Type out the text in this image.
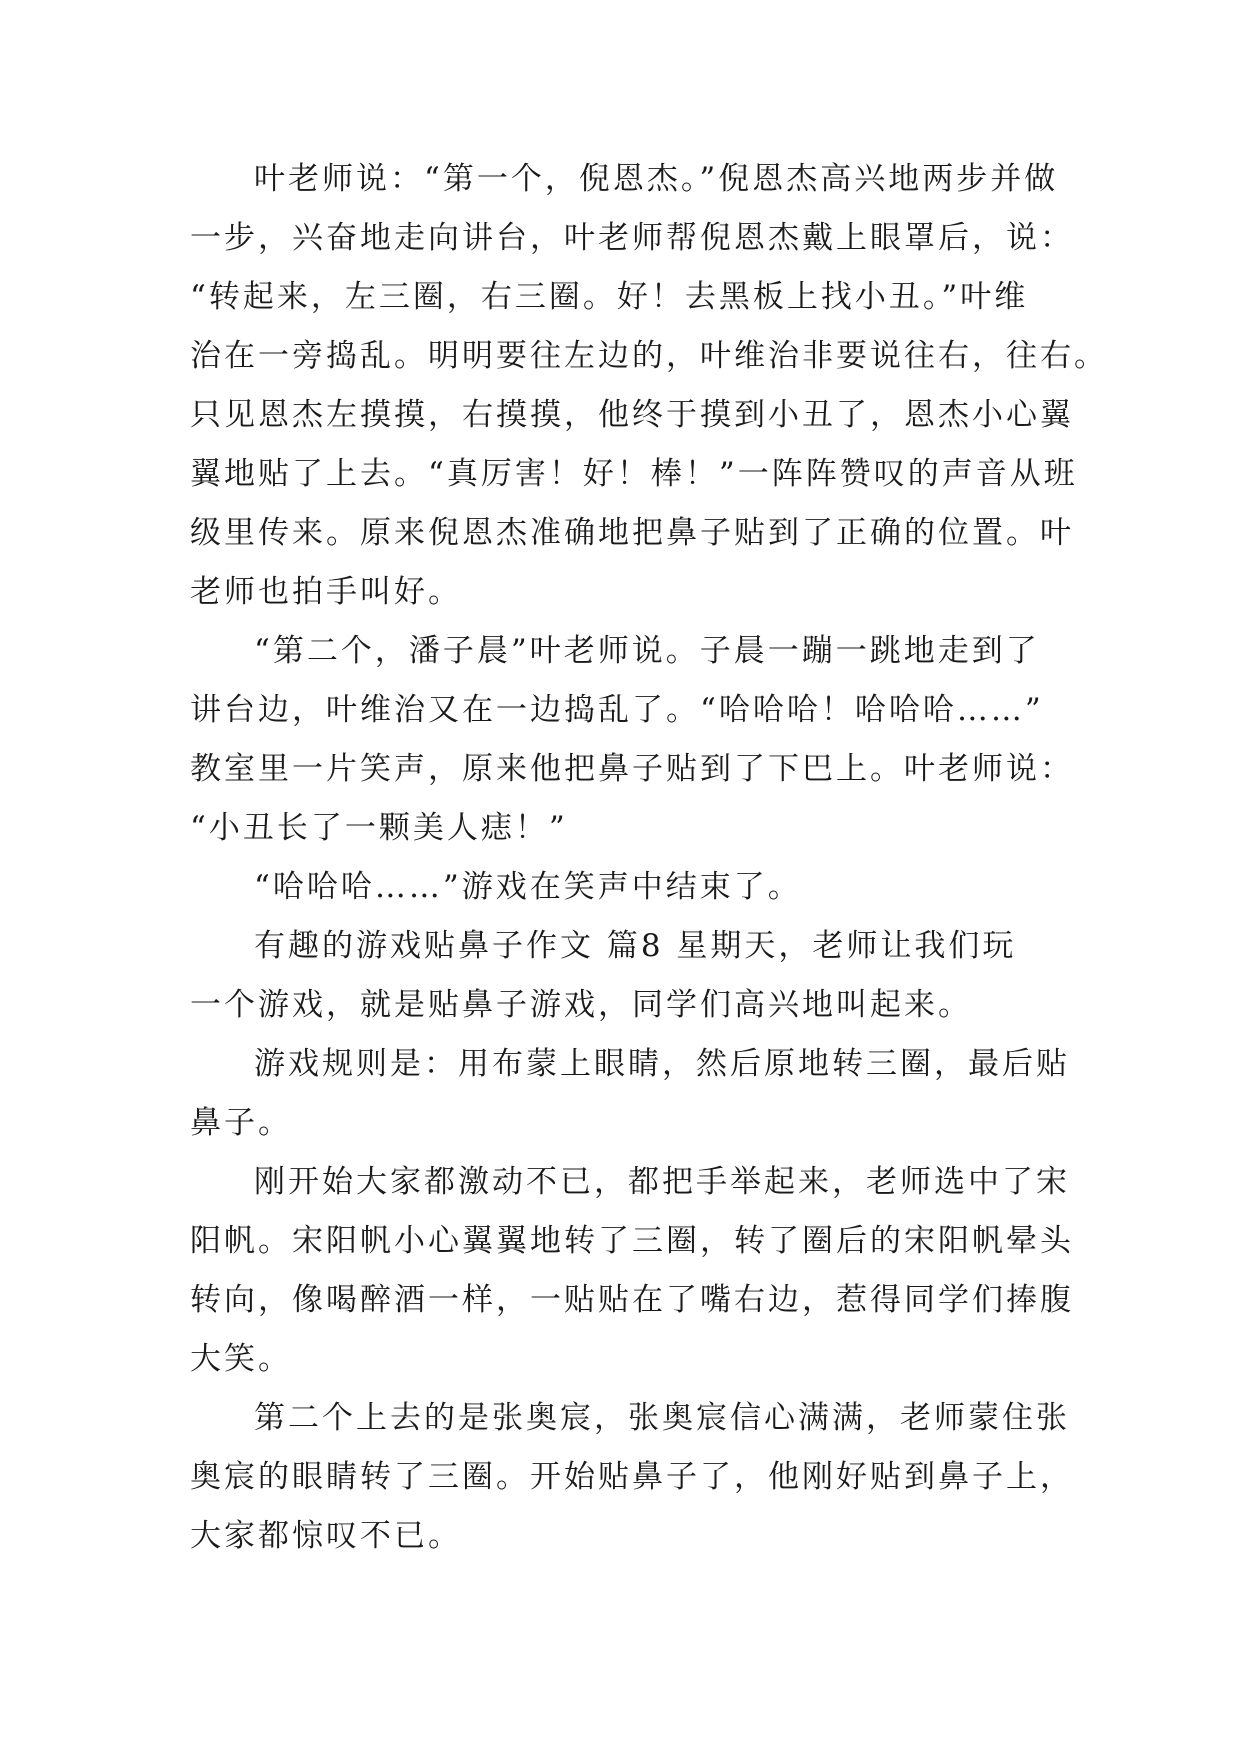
叶老师说：“第一个，倪恩杰。”倪恩杰高兴地两步并做
一步，兴奋地走向讲台，叶老师帮倪恩杰戴上眼罩后，说：
“转起来，左三圈，右三圈。好！去黑板上找小丑。”叶维
治在一旁捣乱。明明要往左边的，叶维治非要说往右，往右。
只见恩杰左摸摸，右摸摸，他终于摸到小丑了，恩杰小心翼
翼地贴了上去。“真厉害！好！棒！”一阵阵赞叹的声音从班
级里传来。原来倪恩杰准确地把鼻子贴到了正确的位置。叶
老师也拍手叫好。
“第二个，潘子晨”叶老师说。子晨一蹦一跳地走到了
讲台边，叶维治又在一边捣乱了。“哈哈哈！哈哈哈……”
教室里一片笑声，原来他把鼻子贴到了下巴上。叶老师说：
“小丑长了一颗美人痣！”
“哈哈哈……”游戏在笑声中结束了。
有趣的游戏贴鼻子作文 篇8 星期天，老师让我们玩
一个游戏，就是贴鼻子游戏，同学们高兴地叫起来。
游戏规则是：用布蒙上眼睛，然后原地转三圈，最后贴
鼻子。
刚开始大家都激动不已，都把手举起来，老师选中了宋
阳帆。宋阳帆小心翼翼地转了三圈，转了圈后的宋阳帆晕头
转向，像喝醉酒一样，一贴贴在了嘴右边，惹得同学们捧腹
大笑。
第二个上去的是张奥宸，张奥宸信心满满，老师蒙住张
奥宸的眼睛转了三圈。开始贴鼻子了，他刚好贴到鼻子上，
大家都惊叹不已。
